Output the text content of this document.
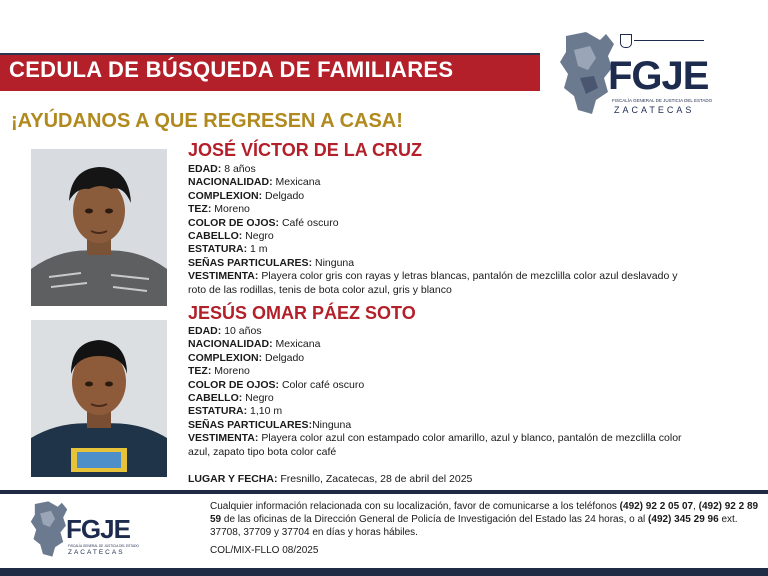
CEDULA DE BÚSQUEDA DE FAMILIARES
¡AYÚDANOS A QUE REGRESEN A CASA!
FGJE
FISCALÍA GENERAL DE JUSTICIA DEL ESTADO
ZACATECAS
JOSÉ VÍCTOR DE LA CRUZ
EDAD: 8 años
NACIONALIDAD: Mexicana
COMPLEXION: Delgado
TEZ: Moreno
COLOR DE OJOS: Café oscuro
CABELLO: Negro
ESTATURA: 1 m
SEÑAS PARTICULARES: Ninguna
VESTIMENTA: Playera color gris con rayas y letras blancas, pantalón de mezclilla color azul deslavado y roto de las rodillas, tenis de bota color azul, gris y blanco
JESÚS OMAR PÁEZ SOTO
EDAD: 10 años
NACIONALIDAD: Mexicana
COMPLEXION: Delgado
TEZ: Moreno
COLOR DE OJOS: Color café oscuro
CABELLO: Negro
ESTATURA: 1,10 m
SEÑAS PARTICULARES:Ninguna
VESTIMENTA: Playera color azul con estampado color amarillo, azul y blanco, pantalón de mezclilla color azul, zapato tipo bota color café
LUGAR Y FECHA: Fresnillo, Zacatecas, 28 de abril del 2025
FGJE
FISCALÍA GENERAL DE JUSTICIA DEL ESTADO
ZACATECAS
Cualquier información relacionada con su localización, favor de comunicarse a los teléfonos (492) 92 2 05 07, (492) 92 2 89 59 de las oficinas de la Dirección General de Policía de Investigación del Estado las 24 horas, o al (492) 345 29 96 ext. 37708, 37709 y 37704 en días y horas hábiles.
COL/MIX-FLLO 08/2025
